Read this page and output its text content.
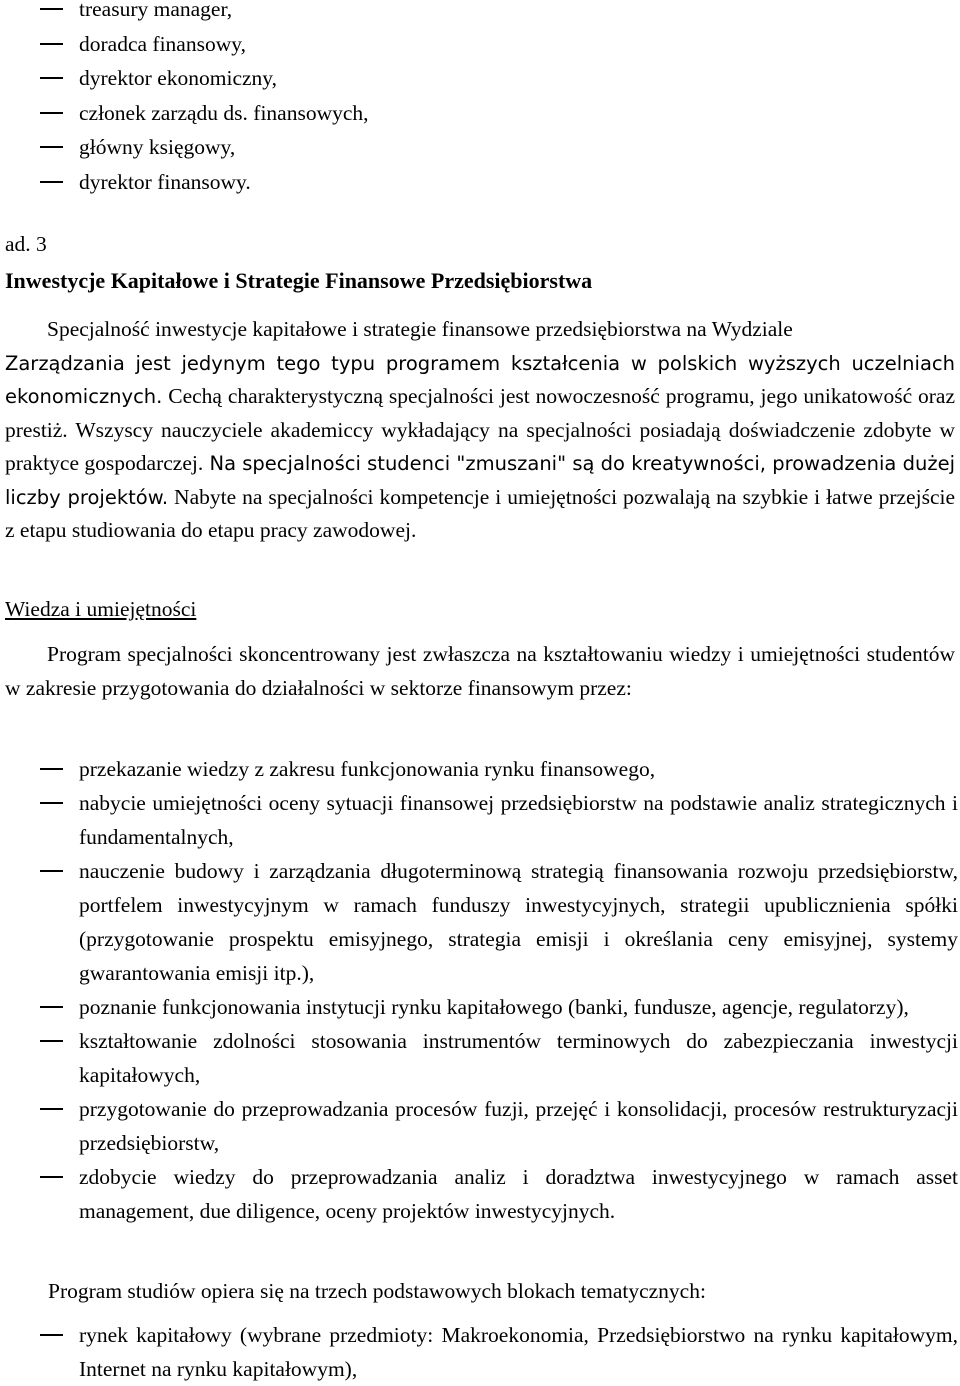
treasury manager,
doradca finansowy,
dyrektor ekonomiczny,
członek zarządu ds. finansowych,
główny księgowy,
dyrektor finansowy.
ad. 3
Inwestycje Kapitałowe i Strategie Finansowe Przedsiębiorstwa
Specjalność inwestycje kapitałowe i strategie finansowe przedsiębiorstwa na Wydziale
Zarządzania jest jedynym tego typu programem kształcenia w polskich wyższych uczelniach ekonomicznych. Cechą charakterystyczną specjalności jest nowoczesność programu, jego unikatowość oraz prestiż. Wszyscy nauczyciele akademiccy wykładający na specjalności posiadają doświadczenie zdobyte w praktyce gospodarczej. Na specjalności studenci "zmuszani" są do kreatywności, prowadzenia dużej liczby projektów. Nabyte na specjalności kompetencje i umiejętności pozwalają na szybkie i łatwe przejście z etapu studiowania do etapu pracy zawodowej.
Wiedza i umiejętności
Program specjalności skoncentrowany jest zwłaszcza na kształtowaniu wiedzy i umiejętności studentów w zakresie przygotowania do działalności w sektorze finansowym przez:
przekazanie wiedzy z zakresu funkcjonowania rynku finansowego,
nabycie umiejętności oceny sytuacji finansowej przedsiębiorstw na podstawie analiz strategicznych i fundamentalnych,
nauczenie budowy i zarządzania długoterminową strategią finansowania rozwoju przedsiębiorstw, portfelem inwestycyjnym w ramach funduszy inwestycyjnych, strategii upublicznienia spółki (przygotowanie prospektu emisyjnego, strategia emisji i określania ceny emisyjnej, systemy gwarantowania emisji itp.),
poznanie funkcjonowania instytucji rynku kapitałowego (banki, fundusze, agencje, regulatorzy),
kształtowanie zdolności stosowania instrumentów terminowych do zabezpieczania inwestycji kapitałowych,
przygotowanie do przeprowadzania procesów fuzji, przejęć i konsolidacji, procesów restrukturyzacji przedsiębiorstw,
zdobycie wiedzy do przeprowadzania analiz i doradztwa inwestycyjnego w ramach asset management, due diligence, oceny projektów inwestycyjnych.
Program studiów opiera się na trzech podstawowych blokach tematycznych:
rynek kapitałowy (wybrane przedmioty: Makroekonomia, Przedsiębiorstwo na rynku kapitałowym, Internet na rynku kapitałowym),
